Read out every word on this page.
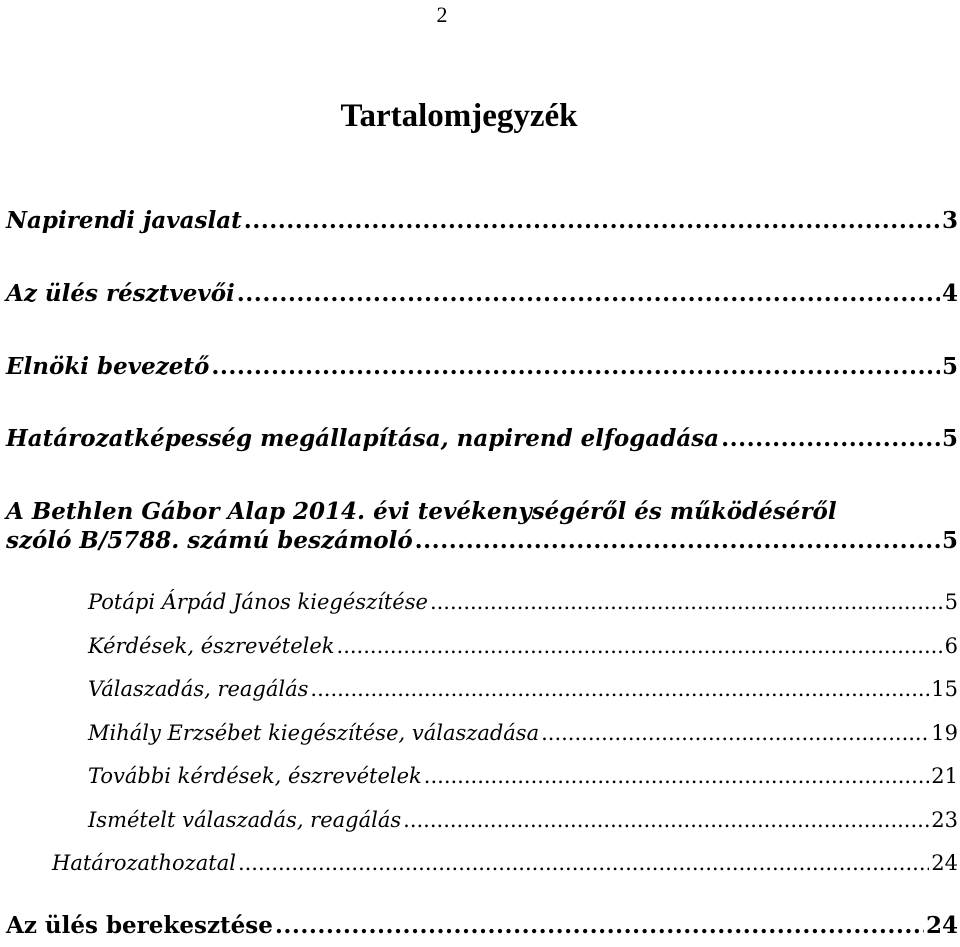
2
Tartalomjegyzék
Napirendi javaslat .....	3
Az ülés résztvevői .....	4
Elnöki bevezető .....	5
Határozatképesség megállapítása, napirend elfogadása .....	5
A Bethlen Gábor Alap 2014. évi tevékenységéről és működéséről
szóló B/5788. számú beszámoló .....	5
Potápi Árpád János kiegészítése .....	5
Kérdések, észrevételek .....	6
Válaszadás, reagálás .....	15
Mihály Erzsébet kiegészítése, válaszadása .....	19
További kérdések, észrevételek .....	21
Ismételt válaszadás, reagálás .....	23
Határozathozatal .....	24
Az ülés berekesztése .....	24
